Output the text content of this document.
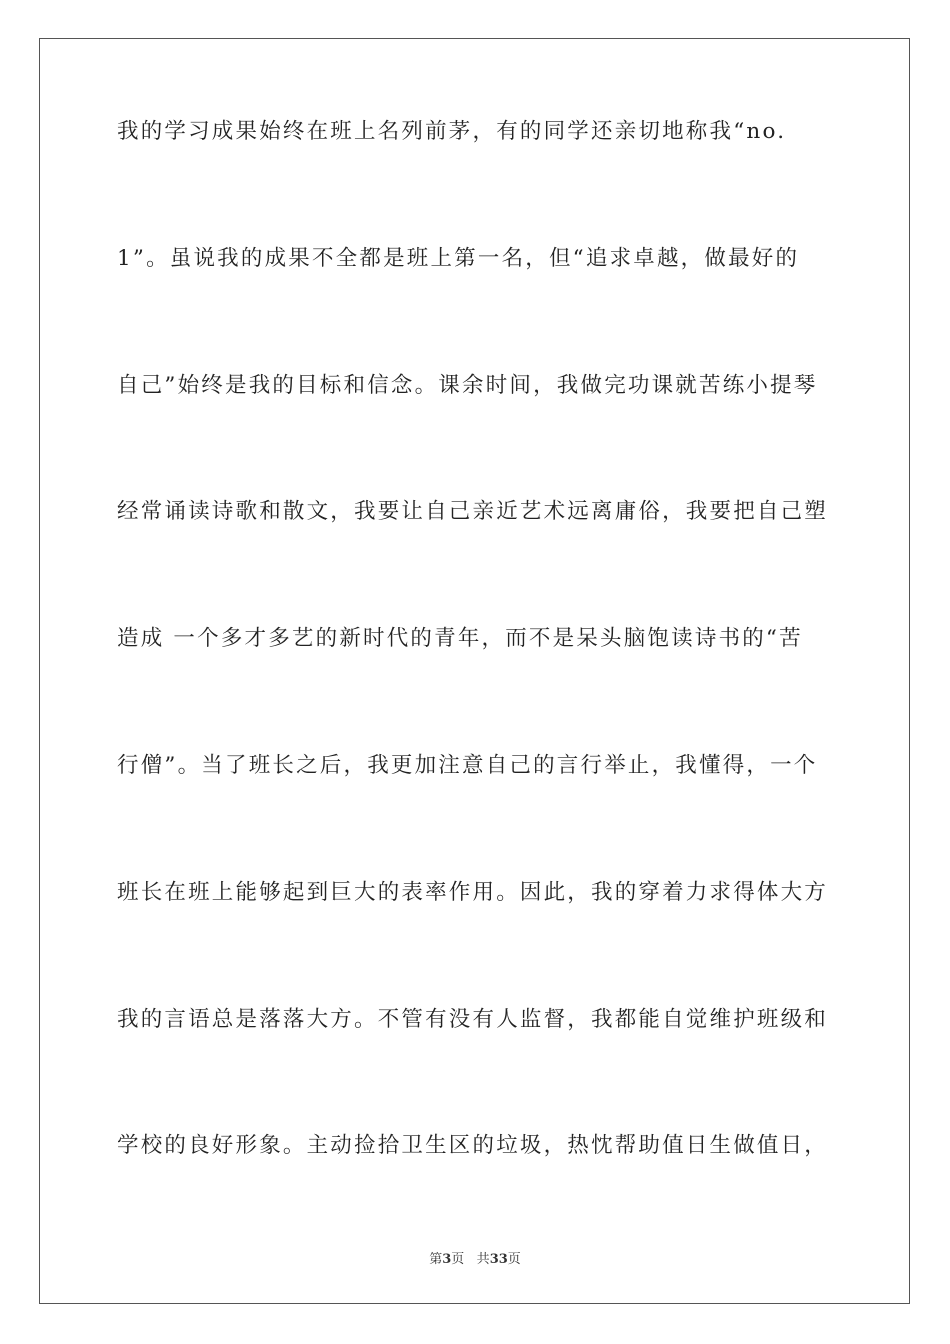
我的学习成果始终在班上名列前茅，有的同学还亲切地称我“no.
1”。虽说我的成果不全都是班上第一名，但“追求卓越，做最好的
自己”始终是我的目标和信念。课余时间，我做完功课就苦练小提琴
经常诵读诗歌和散文，我要让自己亲近艺术远离庸俗，我要把自己塑
造成 一个多才多艺的新时代的青年，而不是呆头脑饱读诗书的“苦
行僧”。当了班长之后，我更加注意自己的言行举止，我懂得，一个
班长在班上能够起到巨大的表率作用。因此，我的穿着力求得体大方
我的言语总是落落大方。不管有没有人监督，我都能自觉维护班级和
学校的良好形象。主动捡拾卫生区的垃圾，热忱帮助值日生做值日，
第3页 共33页
